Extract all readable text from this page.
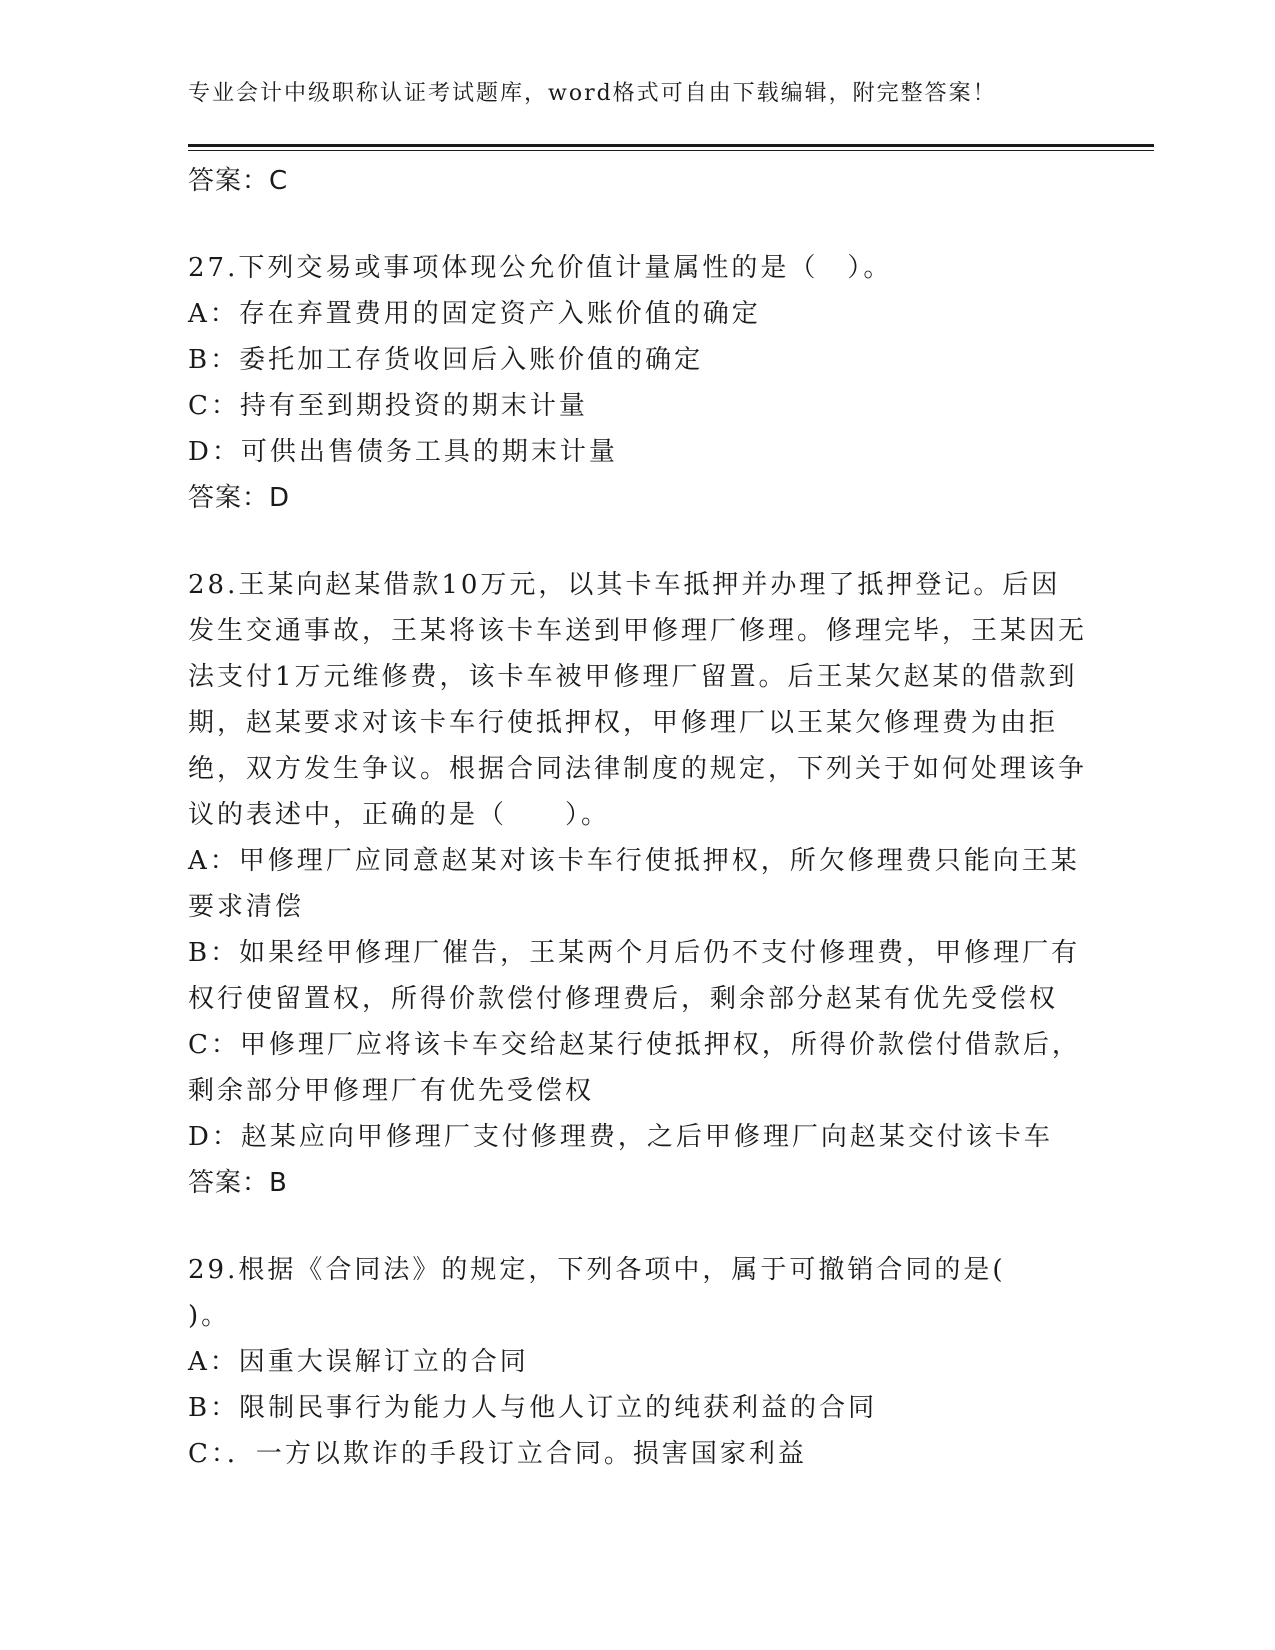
专业会计中级职称认证考试题库，word格式可自由下载编辑，附完整答案！
答案：C
27.下列交易或事项体现公允价值计量属性的是（　）。
A：存在弃置费用的固定资产入账价值的确定
B：委托加工存货收回后入账价值的确定
C：持有至到期投资的期末计量
D：可供出售债务工具的期末计量
答案：D
28.王某向赵某借款10万元，以其卡车抵押并办理了抵押登记。后因发生交通事故，王某将该卡车送到甲修理厂修理。修理完毕，王某因无法支付1万元维修费，该卡车被甲修理厂留置。后王某欠赵某的借款到期，赵某要求对该卡车行使抵押权，甲修理厂以王某欠修理费为由拒绝，双方发生争议。根据合同法律制度的规定，下列关于如何处理该争议的表述中，正确的是（　　）。
A：甲修理厂应同意赵某对该卡车行使抵押权，所欠修理费只能向王某要求清偿
B：如果经甲修理厂催告，王某两个月后仍不支付修理费，甲修理厂有权行使留置权，所得价款偿付修理费后，剩余部分赵某有优先受偿权
C：甲修理厂应将该卡车交给赵某行使抵押权，所得价款偿付借款后，剩余部分甲修理厂有优先受偿权
D：赵某应向甲修理厂支付修理费，之后甲修理厂向赵某交付该卡车
答案：B
29.根据《合同法》的规定，下列各项中，属于可撤销合同的是(　　)。
A：因重大误解订立的合同
B：限制民事行为能力人与他人订立的纯获利益的合同
C：．一方以欺诈的手段订立合同。损害国家利益
